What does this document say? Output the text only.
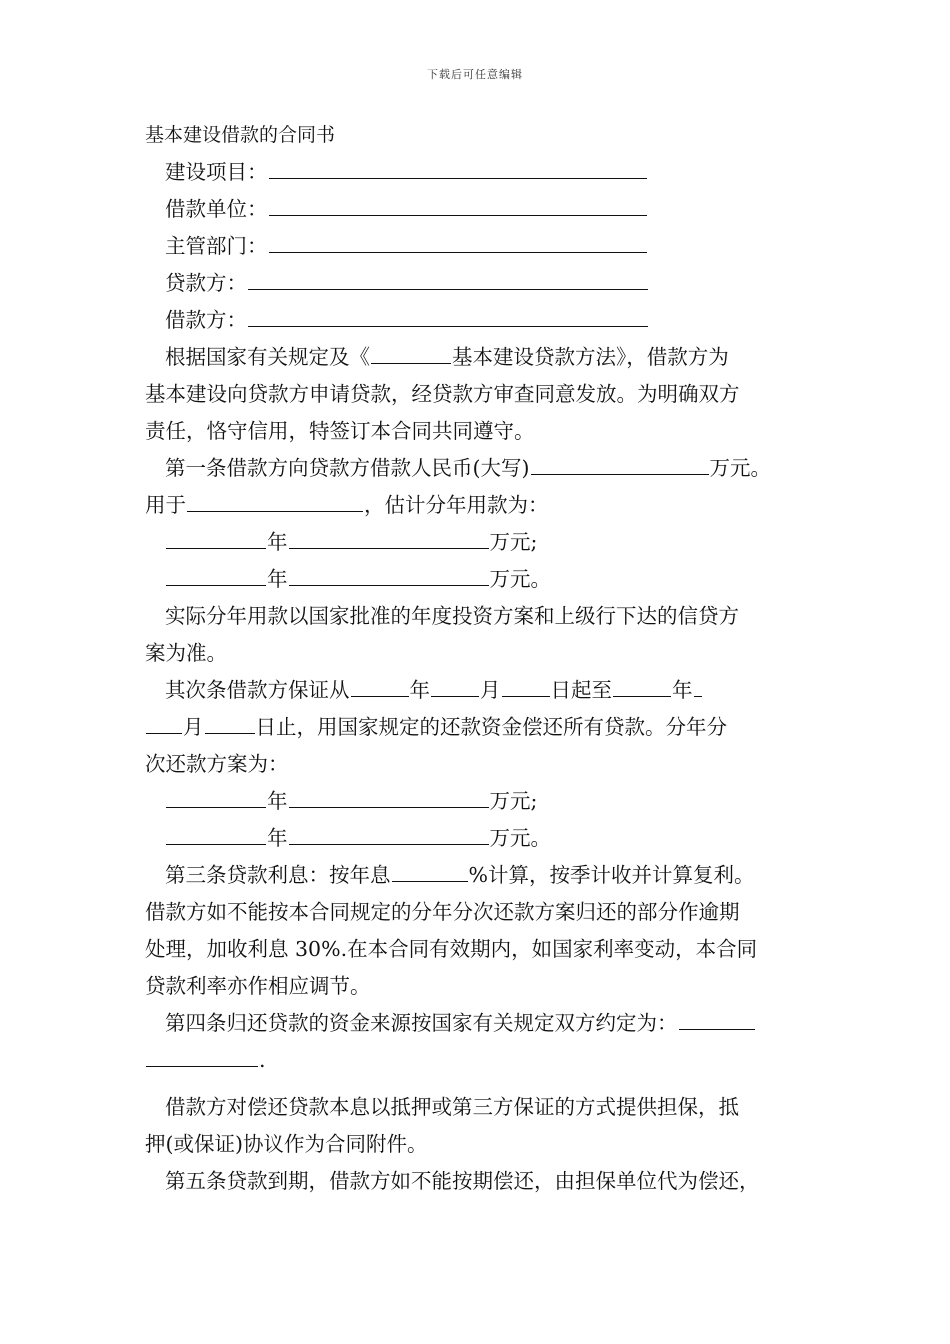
下载后可任意编辑
基本建设借款的合同书
建设项目：
借款单位：
主管部门：
贷款方：
借款方：
根据国家有关规定及《	基本建设贷款方法》，借款方为
基本建设向贷款方申请贷款，经贷款方审查同意发放。为明确双方
责任，恪守信用，特签订本合同共同遵守。
第一条借款方向贷款方借款人民币(大写)	万元。
用于	，估计分年用款为：
年	万元;
年	万元。
实际分年用款以国家批准的年度投资方案和上级行下达的信贷方
案为准。
其次条借款方保证从	年 月 日起至	年
月	日止，用国家规定的还款资金偿还所有贷款。分年分
次还款方案为：
年	万元;
年	万元。
第三条贷款利息：按年息	%计算，按季计收并计算复利。
借款方如不能按本合同规定的分年分次还款方案归还的部分作逾期
处理，加收利息 30%.在本合同有效期内，如国家利率变动，本合同
贷款利率亦作相应调节。
第四条归还贷款的资金来源按国家有关规定双方约定为：
.
借款方对偿还贷款本息以抵押或第三方保证的方式提供担保，抵
押(或保证)协议作为合同附件。
第五条贷款到期，借款方如不能按期偿还，由担保单位代为偿还，
